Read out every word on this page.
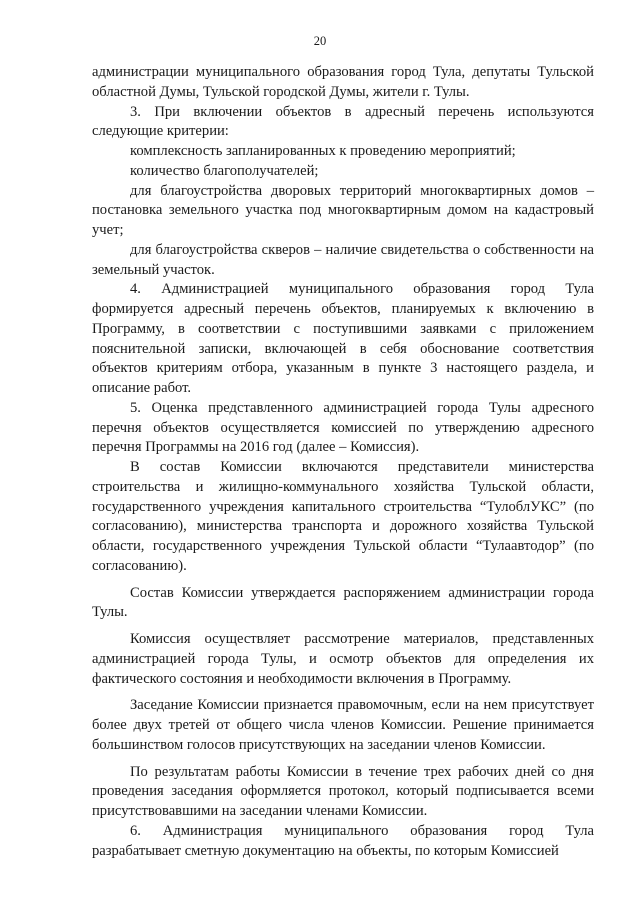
20

администрации муниципального образования город Тула, депутаты Тульской областной Думы, Тульской городской Думы, жители г. Тулы.

3. При включении объектов в адресный перечень используются следующие критерии:

комплексность запланированных к проведению мероприятий;

количество благополучателей;

для благоустройства дворовых территорий многоквартирных домов – постановка земельного участка под многоквартирным домом на кадастровый учет;

для благоустройства скверов – наличие свидетельства о собственности на земельный участок.

4. Администрацией муниципального образования город Тула формируется адресный перечень объектов, планируемых к включению в Программу, в соответствии с поступившими заявками с приложением пояснительной записки, включающей в себя обоснование соответствия объектов критериям отбора, указанным в пункте 3 настоящего раздела, и описание работ.

5. Оценка представленного администрацией города Тулы адресного перечня объектов осуществляется комиссией по утверждению адресного перечня Программы на 2016 год (далее – Комиссия).

В состав Комиссии включаются представители министерства строительства и жилищно-коммунального хозяйства Тульской области, государственного учреждения капитального строительства “ТулоблУКС” (по согласованию), министерства транспорта и дорожного хозяйства Тульской области, государственного учреждения Тульской области “Тулаавтодор” (по согласованию).

Состав Комиссии утверждается распоряжением администрации города Тулы.

Комиссия осуществляет рассмотрение материалов, представленных администрацией города Тулы, и осмотр объектов для определения их фактического состояния и необходимости включения в Программу.

Заседание Комиссии признается правомочным, если на нем присутствует более двух третей от общего числа членов Комиссии. Решение принимается большинством голосов присутствующих на заседании членов Комиссии.

По результатам работы Комиссии в течение трех рабочих дней со дня проведения заседания оформляется протокол, который подписывается всеми присутствовавшими на заседании членами Комиссии.

6. Администрация муниципального образования город Тула разрабатывает сметную документацию на объекты, по которым Комиссией
